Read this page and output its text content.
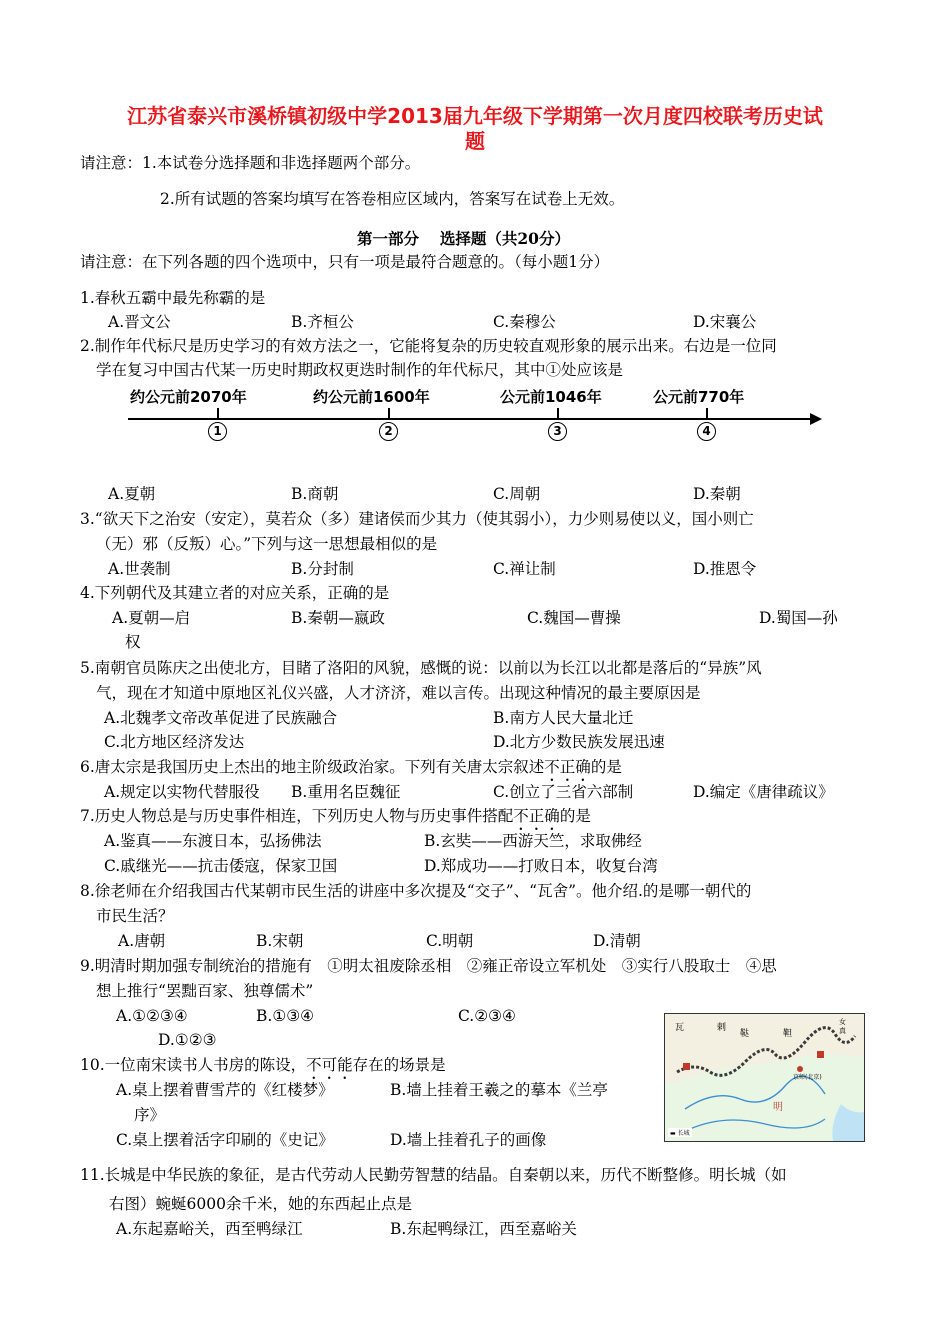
江苏省泰兴市溪桥镇初级中学2013届九年级下学期第一次月度四校联考历史试
题
请注意：1.本试卷分选择题和非选择题两个部分。
2.所有试题的答案均填写在答卷相应区域内，答案写在试卷上无效。
第一部分　 选择题（共20分）
请注意：在下列各题的四个选项中，只有一项是最符合题意的。（每小题1分）
1.春秋五霸中最先称霸的是
A.晋文公	B.齐桓公	C.秦穆公	D.宋襄公
2.制作年代标尺是历史学习的有效方法之一，它能将复杂的历史较直观形象的展示出来。右边是一位同
学在复习中国古代某一历史时期政权更迭时制作的年代标尺，其中①处应该是
约公元前2070年
1
约公元前1600年
2
公元前1046年
3
公元前770年
4
A.夏朝	B.商朝	C.周朝	D.秦朝
3.“欲天下之治安（安定），莫若众（多）建诸侯而少其力（使其弱小），力少则易使以义，国小则亡
（无）邪（反叛）心。”下列与这一思想最相似的是
A.世袭制	B.分封制	C.禅让制	D.推恩令
4.下列朝代及其建立者的对应关系，正确的是
A.夏朝—启	B.秦朝—嬴政	C.魏国—曹操	D.蜀国—孙
权
5.南朝官员陈庆之出使北方，目睹了洛阳的风貌，感慨的说：以前以为长江以北都是落后的“异族”风
气，现在才知道中原地区礼仪兴盛，人才济济，难以言传。出现这种情况的最主要原因是
A.北魏孝文帝改革促进了民族融合	B.南方人民大量北迁
C.北方地区经济发达	D.北方少数民族发展迅速
6.唐太宗是我国历史上杰出的地主阶级政治家。下列有关唐太宗叙述不正确的是
A.规定以实物代替服役 B.重用名臣魏征	C.创立了三省六部制	D.编定《唐律疏议》
7.历史人物总是与历史事件相连，下列历史人物与历史事件搭配不正确的是
A.鉴真——东渡日本，弘扬佛法	B.玄奘——西游天竺，求取佛经
C.戚继光——抗击倭寇，保家卫国	D.郑成功——打败日本，收复台湾
8.徐老师在介绍我国古代某朝市民生活的讲座中多次提及“交子”、“瓦舍”。他介绍.的是哪一朝代的
市民生活？
A.唐朝	B.宋朝	C.明朝	D.清朝
9.明清时期加强专制统治的措施有　①明太祖废除丞相　②雍正帝设立军机处　③实行八股取士　④思
想上推行“罢黜百家、独尊儒术”
A.①②③④	B.①③④	C.②③④
D.①②③
10.一位南宋读书人书房的陈设，不可能存在的场景是
A.桌上摆着曹雪芹的《红楼梦》	B.墙上挂着王羲之的摹本《兰亭
序》
C.桌上摆着活字印刷的《史记》	D.墙上挂着孔子的画像
瓦	剌
鞑	靼
女真
京师(北京)
明
▬ 长城
11.长城是中华民族的象征，是古代劳动人民勤劳智慧的结晶。自秦朝以来，历代不断整修。明长城（如
右图）蜿蜒6000余千米，她的东西起止点是
A.东起嘉峪关，西至鸭绿江	B.东起鸭绿江，西至嘉峪关
